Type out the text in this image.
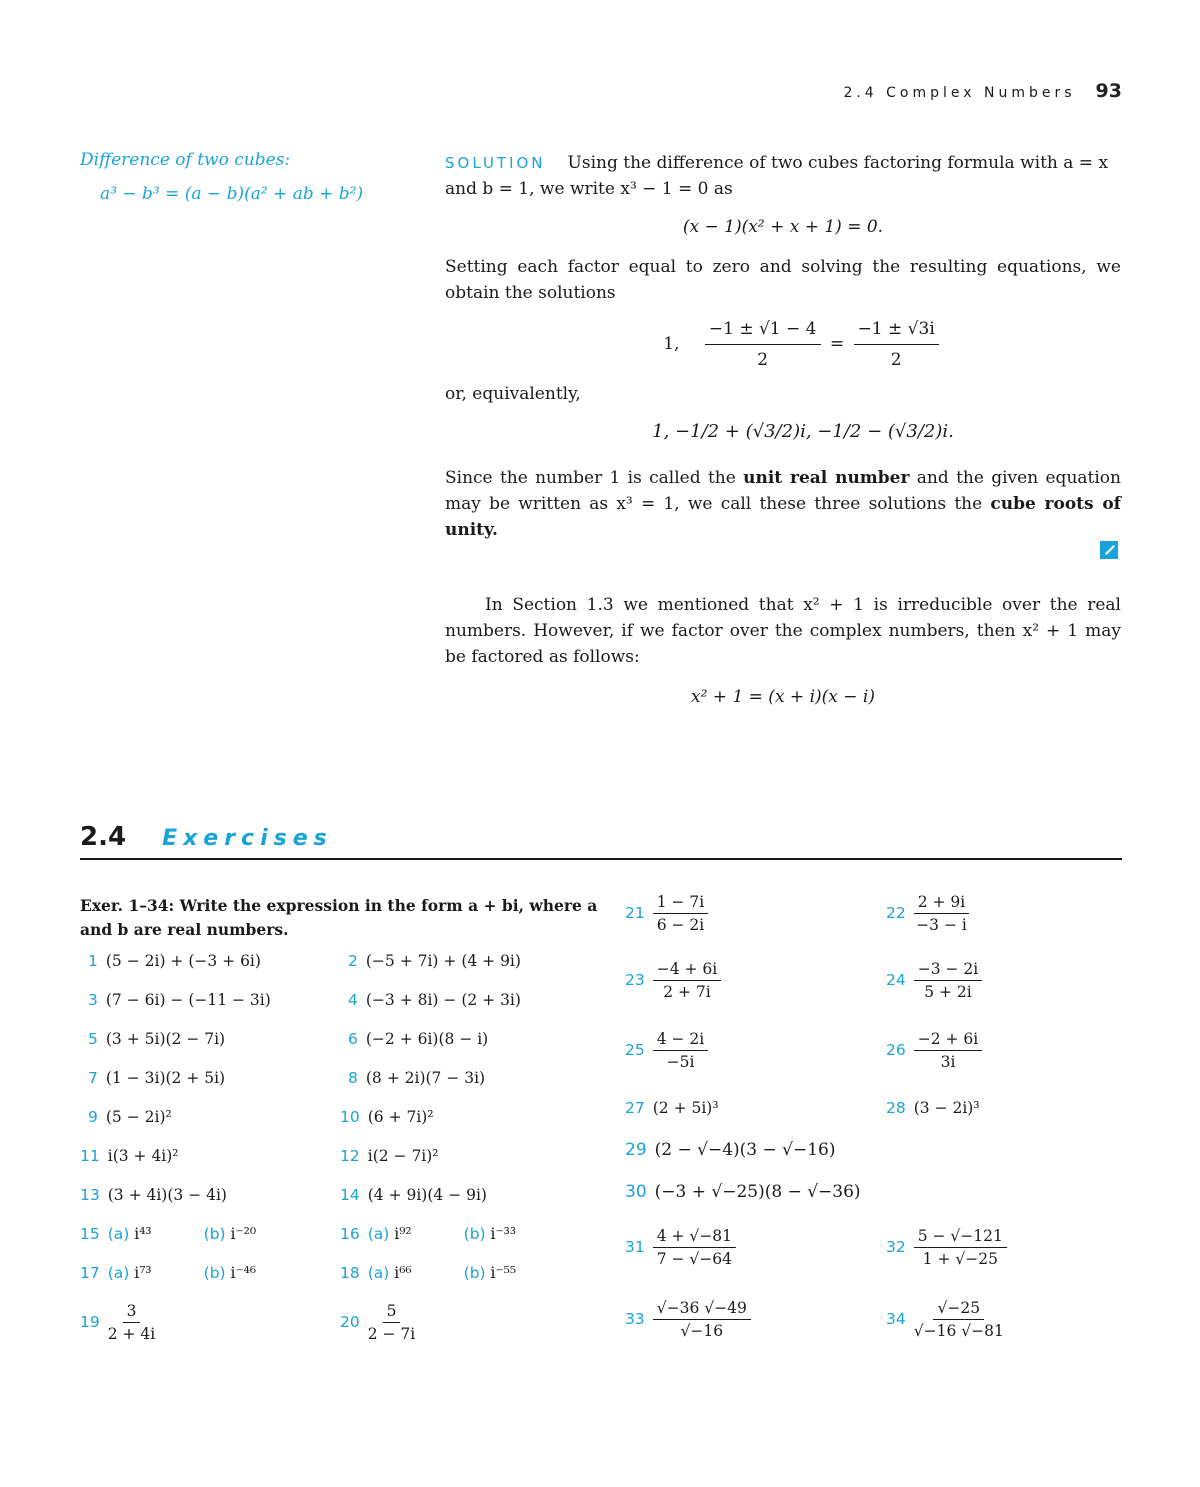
2.4 Complex Numbers 93
Difference of two cubes:
a³ − b³ = (a − b)(a² + ab + b²)

SOLUTION Using the difference of two cubes factoring formula with a = x

and b = 1, we write x³ − 1 = 0 as

(x − 1)(x² + x + 1) = 0.

Setting each factor equal to zero and solving the resulting equations, we obtain the solutions

1, $\frac{-1 \pm √1 - 4}{2} = \frac{-1 \pm √3i}{2}$

or, equivalently,

1, −1/2 + (√3/2)i, −1/2 − (√3/2)i.

Since the number 1 is called the unit real number and the given equation may be written as x³ = 1, we call these three solutions the cube roots of unity.

In Section 1.3 we mentioned that x² + 1 is irreducible over the real numbers. However, if we factor over the complex numbers, then x² + 1 may be factored as follows:

x² + 1 = (x + i)(x − i)

2.4 Exercises
Exer. 1–34: Write the expression in the form a + bi, where a and b are real numbers.
1 (5 − 2i) + (−3 + 6i)	2 (−5 + 7i) + (4 + 9i)
3 (7 − 6i) − (−11 − 3i)	4 (−3 + 8i) − (2 + 3i)
5 (3 + 5i)(2 − 7i)	6 (−2 + 6i)(8 − i)
7 (1 − 3i)(2 + 5i)	8 (8 + 2i)(7 − 3i)
9 (5 − 2i)²	10 (6 + 7i)²
11 i(3 + 4i)²	12 i(2 − 7i)²
13 (3 + 4i)(3 − 4i)	14 (4 + 9i)(4 − 9i)
15 (a) i⁴³	(b) i⁻²⁰	16 (a) i⁹²	(b) i⁻³³
17 (a) i⁷³	(b) i⁻⁴⁶	18 (a) i⁶⁶	(b) i⁻⁵⁵
$19 \frac{3}{2 + 4i}$	$20 \frac{5}{2 - 7i}$
$21 \frac{1 - 7i}{6 - 2i}$	$22 \frac{2 + 9i}{-3 - i}$
$23 \frac{-4 + 6i}{2 + 7i}$	$24 \frac{-3 - 2i}{5 + 2i}$
$25 \frac{4 - 2i}{-5i}$	$26 \frac{-2 + 6i}{3i}$
27 (2 + 5i)³	28 (3 − 2i)³
29 (2 − √−4)(3 − √−16)
30 (−3 + √−25)(8 − √−36)
$31 \frac{4 + √-81}{7 - √-64}$	$32 \frac{5 - √-121}{1 + √-25}$
$33 \frac{√-36 √-49}{√-16}$	$34 \frac{√-25}{√-16 √-81}$
